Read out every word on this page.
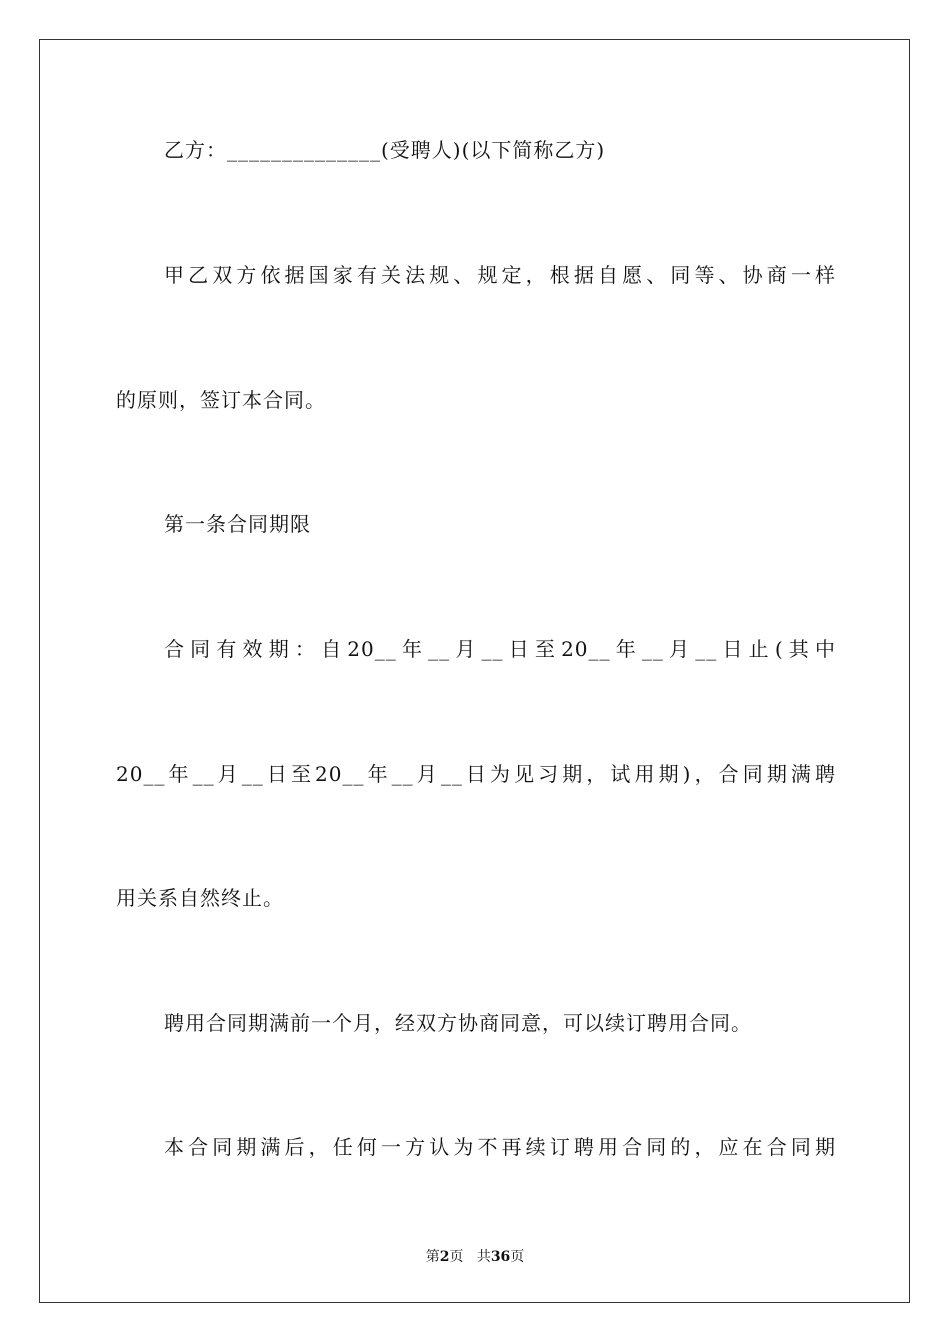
乙方：______________(受聘人)(以下简称乙方)
甲乙双方依据国家有关法规、规定，根据自愿、同等、协商一样
的原则，签订本合同。
第一条合同期限
合同有效期：自20__年__月__日至20__年__月__日止(其中
20__年__月__日至20__年__月__日为见习期，试用期)，合同期满聘
用关系自然终止。
聘用合同期满前一个月，经双方协商同意，可以续订聘用合同。
本合同期满后，任何一方认为不再续订聘用合同的，应在合同期
第2页 共36页
